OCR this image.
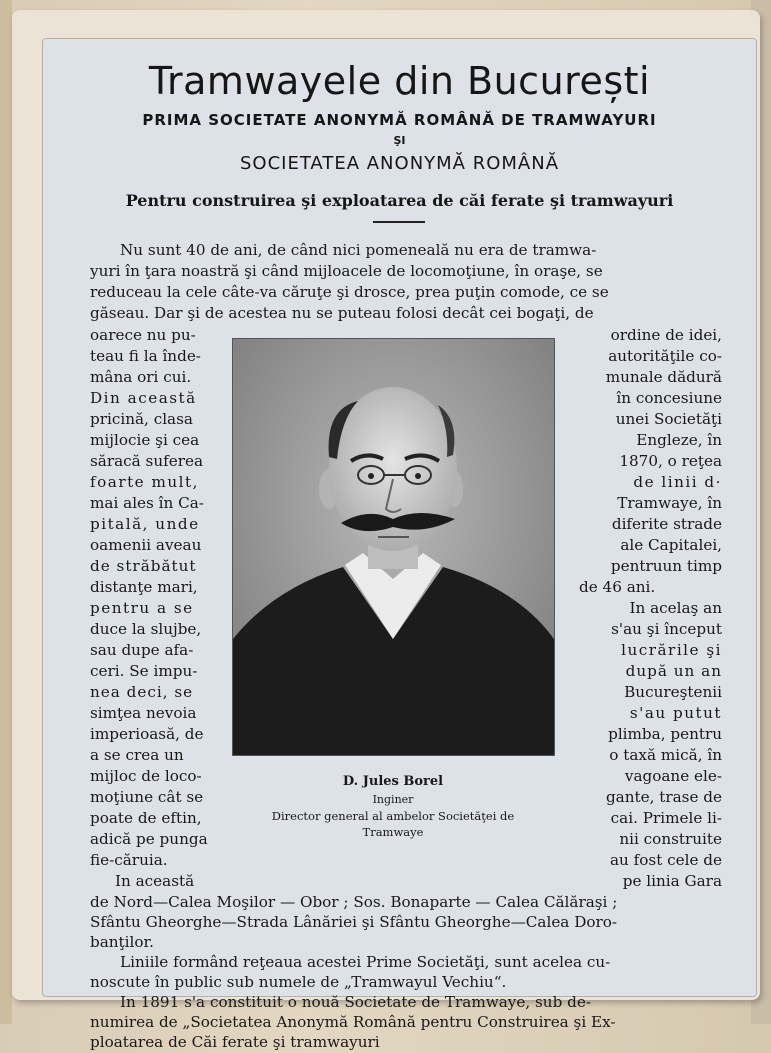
Tramwayele din București
PRIMA SOCIETATE ANONYMĂ ROMÂNĂ DE TRAMWAYURI
ŞI
SOCIETATEA ANONYMĂ ROMÂNĂ
Pentru construirea şi exploatarea de căi ferate şi tramwayuri

Nu sunt 40 de ani, de când nici pomeneală nu era de tramwa-

yuri în ţara noastră şi când mijloacele de locomoţiune, în oraşe, se

reduceau la cele câte-va căruţe şi drosce, prea puţin comode, ce se

găseau. Dar şi de acestea nu se puteau folosi decât cei bogaţi, de

oarece nu pu-

teau fi la înde-

mâna ori cui.

Din această

pricină, clasa

mijlocie şi cea

săracă suferea

foarte mult,

mai ales în Ca-

pitală, unde

oamenii aveau

de străbătut

distanţe mari,

pentru a se

duce la slujbe,

sau dupe afa-

ceri. Se impu-

nea deci, se

simţea nevoia

imperioasă, de

a se crea un

mijloc de loco-

moţiune cât se

poate de eftin,

adică pe punga

fie-căruia.

In această

ordine de idei,

autorităţile co-

munale dădură

în concesiune

unei Societăţi

Engleze, în

1870, o reţea

de linii d·

Tramwaye, în

diferite strade

ale Capitalei,

pentruun timp

de 46 ani.

In acelaş an

s'au şi început

lucrările şi

după un an

Bucureştenii

s'au putut

plimba, pentru

o taxă mică, în

vagoane ele-

gante, trase de

cai. Primele li-

nii construite

au fost cele de

pe linia Gara

de Nord—Calea Moşilor — Obor ; Sos. Bonaparte — Calea Călăraşi ;

Sfântu Gheorghe—Strada Lânăriei şi Sfântu Gheorghe—Calea Doro-

banţilor.

Liniile formând reţeaua acestei Prime Societăţi, sunt acelea cu-

noscute în public sub numele de „Tramwayul Vechiu“.

In 1891 s'a constituit o nouă Societate de Tramwaye, sub de-

numirea de „Societatea Anonymă Română pentru Construirea şi Ex-

ploatarea de Căi ferate şi tramwayuri

D. Jules Borel

Inginer

Director general al ambelor Societăţei de

Tramwaye
